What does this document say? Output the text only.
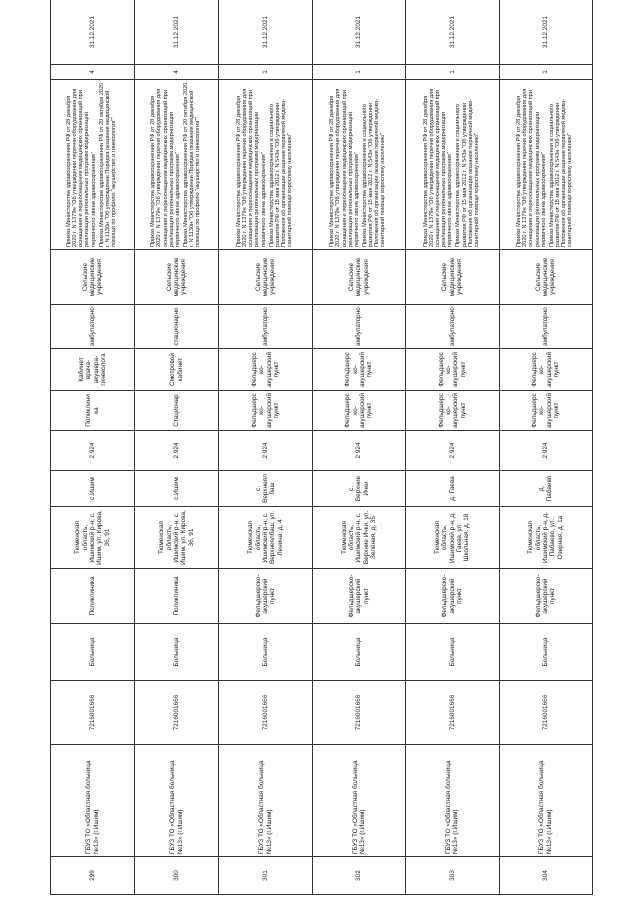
299	ГБУЗ ТО «Областная больница №13» (г.Ишим)	7216001666	Больница	Поликлиника	Тюменская область, Ишимский р-н, с. Ишим, ул. Кирова, 36, 91	с.Ишим	2 924	Поликлиника	Кабинет врача-акушера-гинеколога	амбулаторно	Сельские медицинские учреждения	Приказ Министерства здравоохранения РФ от 28 декабря 2020 г. N 1379н "Об утверждении перечня оборудования для оснащения и переоснащения медицинских организаций при реализации региональных программ модернизации первичного звена здравоохранения" Приказ Министерства здравоохранения РФ от 20 октября 2020 г. N 1130н "Об утверждении Порядка оказания медицинской помощи по профилю "акушерство и гинекология""	4	31.12.2021
300	ГБУЗ ТО «Областная больница №13» (г.Ишим)	7216001666	Больница	Поликлиника	Тюменская область, Ишимский р-н, с. Ишим, ул. Кирова, 36, 91	с.Ишим	2 924	Стационар	Смотровой кабинет	стационарно	Сельские медицинские учреждения	Приказ Министерства здравоохранения РФ от 28 декабря 2020 г. N 1379н "Об утверждении перечня оборудования для оснащения и переоснащения медицинских организаций при реализации региональных программ модернизации первичного звена здравоохранения" Приказ Министерства здравоохранения РФ от 20 октября 2020 г. N 1130н "Об утверждении Порядка оказания медицинской помощи по профилю "акушерство и гинекология""	4	31.12.2021
301	ГБУЗ ТО «Областная больница №13» (г.Ишим)	7216001666	Больница	Фельдшерско-акушерский пункт	Тюменская область, Ишимский р-н, с. Верхнеялбаш, ул. Ленина, д. 4	с. Верхнеялбаш	2 924	Фельдшерско-акушерский пункт	Фельдшерско-акушерский пункт	амбулаторно	Сельские медицинские учреждения	Приказ Министерства здравоохранения РФ от 28 декабря 2020 г. N 1379н "Об утверждении перечня оборудования для оснащения и переоснащения медицинских организаций при реализации региональных программ модернизации первичного звена здравоохранения" Приказ Министерства здравоохранения и социального развития РФ от 15 мая 2012 г. N 543н "Об утверждении Положения об организации оказания первичной медико-санитарной помощи взрослому населению"	1	31.12.2021
302	ГБУЗ ТО «Областная больница №13» (г.Ишим)	7216001666	Больница	Фельдшерско-акушерский пункт	Тюменская область, Ишимский р-н, с. Верхние Ички, ул. Зелёная, д. 35	с. Верхние Ички	2 924	Фельдшерско-акушерский пункт	Фельдшерско-акушерский пункт	амбулаторно	Сельские медицинские учреждения	Приказ Министерства здравоохранения РФ от 28 декабря 2020 г. N 1379н "Об утверждении перечня оборудования для оснащения и переоснащения медицинских организаций при реализации региональных программ модернизации первичного звена здравоохранения" Приказ Министерства здравоохранения и социального развития РФ от 15 мая 2012 г. N 543н "Об утверждении Положения об организации оказания первичной медико-санитарной помощи взрослому населению"	1	31.12.2021
303	ГБУЗ ТО «Областная больница №13» (г.Ишим)	7216001666	Больница	Фельдшерско-акушерский пункт	Тюменская область, Ишимский р-н, д. Гаева, ул. Школьная, д. 18	д. Гаева	2 924	Фельдшерско-акушерский пункт	Фельдшерско-акушерский пункт	амбулаторно	Сельские медицинские учреждения	Приказ Министерства здравоохранения РФ от 28 декабря 2020 г. N 1379н "Об утверждении перечня оборудования для оснащения и переоснащения медицинских организаций при реализации региональных программ модернизации первичного звена здравоохранения" Приказ Министерства здравоохранения и социального развития РФ от 15 мая 2012 г. N 543н "Об утверждении Положения об организации оказания первичной медико-санитарной помощи взрослому населению"	1	31.12.2021
304	ГБУЗ ТО «Областная больница №13» (г.Ишим)	7216001666	Больница	Фельдшерско-акушерский пункт	Тюменская область, Ишимский р-н, д. Пабаево, ул. Озерная, д. 1а	д. Пабаево	2 924	Фельдшерско-акушерский пункт	Фельдшерско-акушерский пункт	амбулаторно	Сельские медицинские учреждения	Приказ Министерства здравоохранения РФ от 28 декабря 2020 г. N 1379н "Об утверждении перечня оборудования для оснащения и переоснащения медицинских организаций при реализации региональных программ модернизации первичного звена здравоохранения" Приказ Министерства здравоохранения и социального развития РФ от 15 мая 2012 г. N 543н "Об утверждении Положения об организации оказания первичной медико-санитарной помощи взрослому населению"	1	31.12.2021
